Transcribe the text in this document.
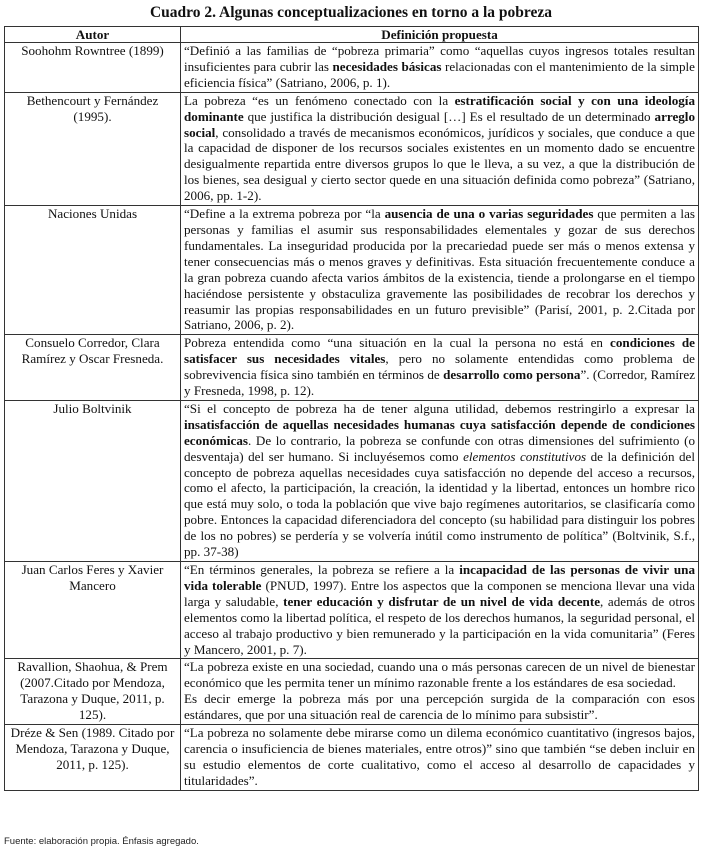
Cuadro 2. Algunas conceptualizaciones en torno a la pobreza
Autor	Definición propuesta
Soohohm Rowntree (1899)	“Definió a las familias de “pobreza primaria” como “aquellas cuyos ingresos totales resultan insuficientes para cubrir las necesidades básicas relacionadas con el mantenimiento de la simple eficiencia física” (Satriano, 2006, p. 1).
Bethencourt y Fernández (1995).	La pobreza “es un fenómeno conectado con la estratificación social y con una ideología dominante que justifica la distribución desigual […] Es el resultado de un determinado arreglo social, consolidado a través de mecanismos económicos, jurídicos y sociales, que conduce a que la capacidad de disponer de los recursos sociales existentes en un momento dado se encuentre desigualmente repartida entre diversos grupos lo que le lleva, a su vez, a que la distribución de los bienes, sea desigual y cierto sector quede en una situación definida como pobreza” (Satriano, 2006, pp. 1-2).
Naciones Unidas	“Define a la extrema pobreza por “la ausencia de una o varias seguridades que permiten a las personas y familias el asumir sus responsabilidades elementales y gozar de sus derechos fundamentales. La inseguridad producida por la precariedad puede ser más o menos extensa y tener consecuencias más o menos graves y definitivas. Esta situación frecuentemente conduce a la gran pobreza cuando afecta varios ámbitos de la existencia, tiende a prolongarse en el tiempo haciéndose persistente y obstaculiza gravemente las posibilidades de recobrar los derechos y reasumir las propias responsabilidades en un futuro previsible” (Parisí, 2001, p. 2.Citada por Satriano, 2006, p. 2).
Consuelo Corredor, Clara Ramírez y Oscar Fresneda.	Pobreza entendida como “una situación en la cual la persona no está en condiciones de satisfacer sus necesidades vitales, pero no solamente entendidas como problema de sobrevivencia física sino también en términos de desarrollo como persona”. (Corredor, Ramírez y Fresneda, 1998, p. 12).
Julio Boltvinik	“Si el concepto de pobreza ha de tener alguna utilidad, debemos restringirlo a expresar la insatisfacción de aquellas necesidades humanas cuya satisfacción depende de condiciones económicas. De lo contrario, la pobreza se confunde con otras dimensiones del sufrimiento (o desventaja) del ser humano. Si incluyésemos como elementos constitutivos de la definición del concepto de pobreza aquellas necesidades cuya satisfacción no depende del acceso a recursos, como el afecto, la participación, la creación, la identidad y la libertad, entonces un hombre rico que está muy solo, o toda la población que vive bajo regímenes autoritarios, se clasificaría como pobre. Entonces la capacidad diferenciadora del concepto (su habilidad para distinguir los pobres de los no pobres) se perdería y se volvería inútil como instrumento de política” (Boltvinik, S.f., pp. 37-38)
Juan Carlos Feres y Xavier Mancero	“En términos generales, la pobreza se refiere a la incapacidad de las personas de vivir una vida tolerable (PNUD, 1997). Entre los aspectos que la componen se menciona llevar una vida larga y saludable, tener educación y disfrutar de un nivel de vida decente, además de otros elementos como la libertad política, el respeto de los derechos humanos, la seguridad personal, el acceso al trabajo productivo y bien remunerado y la participación en la vida comunitaria” (Feres y Mancero, 2001, p. 7).
Ravallion, Shaohua, & Prem (2007.Citado por Mendoza, Tarazona y Duque, 2011, p. 125).	“La pobreza existe en una sociedad, cuando una o más personas carecen de un nivel de bienestar económico que les permita tener un mínimo razonable frente a los estándares de esa sociedad.
Es decir emerge la pobreza más por una percepción surgida de la comparación con esos estándares, que por una situación real de carencia de lo mínimo para subsistir”.
Dréze & Sen (1989. Citado por Mendoza, Tarazona y Duque, 2011, p. 125).	“La pobreza no solamente debe mirarse como un dilema económico cuantitativo (ingresos bajos, carencia o insuficiencia de bienes materiales, entre otros)” sino que también “se deben incluir en su estudio elementos de corte cualitativo, como el acceso al desarrollo de capacidades y titularidades”.
Fuente: elaboración propia. Énfasis agregado.
